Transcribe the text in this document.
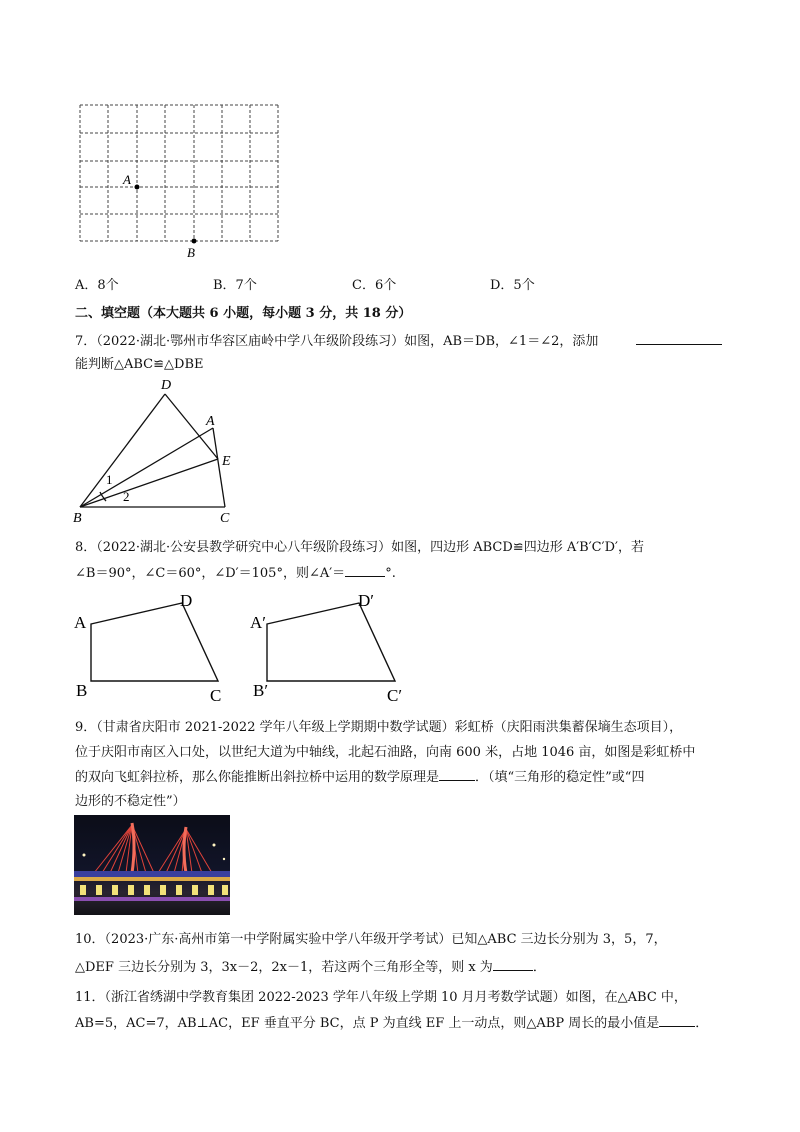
A
B
A．8个	B．7个	C．6个	D．5个
二、填空题（本大题共 6 小题，每小题 3 分，共 18 分）
7．（2022·湖北·鄂州市华容区庙岭中学八年级阶段练习）如图，AB＝DB，∠1＝∠2，添加
能判断△ABC≌△DBE
D
A
E
B	C
1
2
8．（2022·湖北·公安县教学研究中心八年级阶段练习）如图，四边形 ABCD≌四边形 A′B′C′D′，若
∠B＝90°，∠C＝60°，∠D′＝105°，则∠A′＝	°.
A
D
B	C
A′
D′
B′	C′
9．（甘肃省庆阳市 2021-2022 学年八年级上学期期中数学试题）彩虹桥（庆阳雨洪集蓄保墒生态项目），
位于庆阳市南区入口处，以世纪大道为中轴线，北起石油路，向南 600 米，占地 1046 亩，如图是彩虹桥中
的双向飞虹斜拉桥，那么你能推断出斜拉桥中运用的数学原理是	．（填“三角形的稳定性”或“四
边形的不稳定性”）
10．（2023·广东·高州市第一中学附属实验中学八年级开学考试）已知△ABC 三边长分别为 3，5，7，
△DEF 三边长分别为 3，3x－2，2x－1，若这两个三角形全等，则 x 为	．
11．（浙江省绣湖中学教育集团 2022-2023 学年八年级上学期 10 月月考数学试题）如图，在△ABC 中，
AB=5，AC=7，AB⊥AC，EF 垂直平分 BC，点 P 为直线 EF 上一动点，则△ABP 周长的最小值是	．
